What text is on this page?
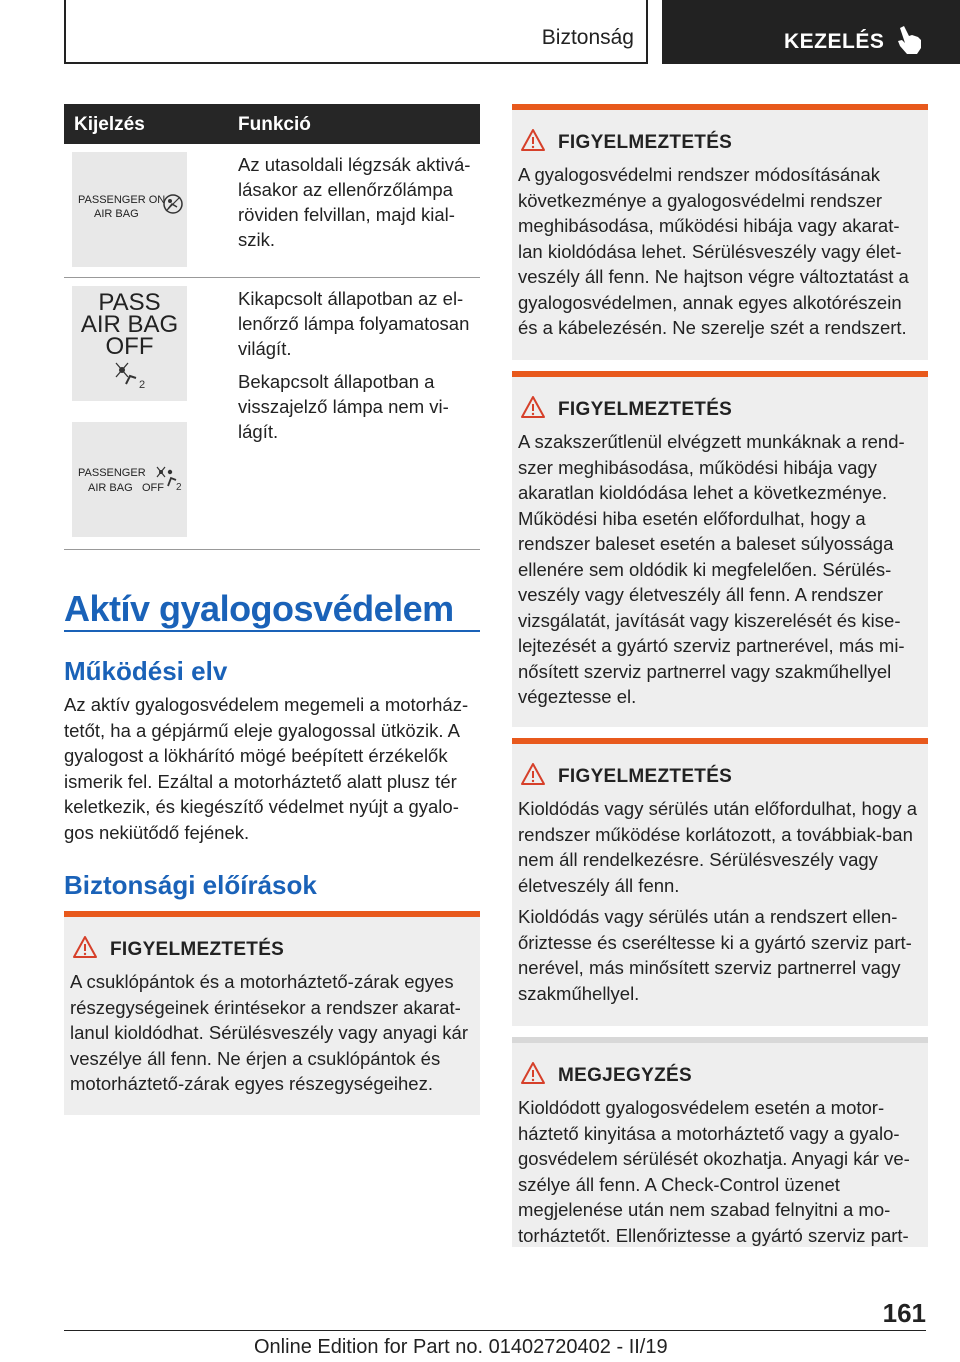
Biztonság	KEZELÉS
Kijelzés	Funkció
PASSENGER ON
AIR BAG
Az utasoldali légzsák aktivá-lásakor az ellenőrzőlámpa röviden felvillan, majd kial-szik.
PASS
AIR BAG
OFF
2
PASSENGER
AIR BAG OFF 2

Kikapcsolt állapotban az el-lenőrző lámpa folyamatosan világít.

Bekapcsolt állapotban a visszajelző lámpa nem vi-lágít.

Aktív gyalogosvédelem
Működési elv
Az aktív gyalogosvédelem megemeli a motorház-tetőt, ha a gépjármű eleje gyalogossal ütközik. A gyalogost a lökhárító mögé beépített érzékelők ismerik fel. Ezáltal a motorháztető alatt plusz tér keletkezik, és kiegészítő védelmet nyújt a gyalo-gos nekiütődő fejének.
Biztonsági előírások
FIGYELMEZTETÉS

A csuklópántok és a motorháztető-zárak egyes részegységeinek érintésekor a rendszer akarat-lanul kioldódhat. Sérülésveszély vagy anyagi kár veszélye áll fenn. Ne érjen a csuklópántok és motorháztető-zárak egyes részegységeihez.

FIGYELMEZTETÉS

A gyalogosvédelmi rendszer módosításának következménye a gyalogosvédelmi rendszer meghibásodása, működési hibája vagy akarat-lan kioldódása lehet. Sérülésveszély vagy élet-veszély áll fenn. Ne hajtson végre változtatást a gyalogosvédelmen, annak egyes alkotórészein és a kábelezésén. Ne szerelje szét a rendszert.

FIGYELMEZTETÉS

A szakszerűtlenül elvégzett munkáknak a rend-szer meghibásodása, működési hibája vagy akaratlan kioldódása lehet a következménye. Működési hiba esetén előfordulhat, hogy a rendszer baleset esetén a baleset súlyossága ellenére sem oldódik ki megfelelően. Sérülés-veszély vagy életveszély áll fenn. A rendszer vizsgálatát, javítását vagy kiszerelését és kise-lejtezését a gyártó szerviz partnerével, más mi-nősített szerviz partnerrel vagy szakműhellyel végeztesse el.

FIGYELMEZTETÉS

Kioldódás vagy sérülés után előfordulhat, hogy a rendszer működése korlátozott, a továbbiak-ban nem áll rendelkezésre. Sérülésveszély vagy életveszély áll fenn.

Kioldódás vagy sérülés után a rendszert ellen-őriztesse és cseréltesse ki a gyártó szerviz part-nerével, más minősített szerviz partnerrel vagy szakműhellyel.

MEGJEGYZÉS

Kioldódott gyalogosvédelem esetén a motor-háztető kinyitása a motorháztető vagy a gyalo-gosvédelem sérülését okozhatja. Anyagi kár ve-szélye áll fenn. A Check-Control üzenet megjelenése után nem szabad felnyitni a mo-torháztetőt. Ellenőriztesse a gyártó szerviz part-

161
Online Edition for Part no. 01402720402 - II/19
